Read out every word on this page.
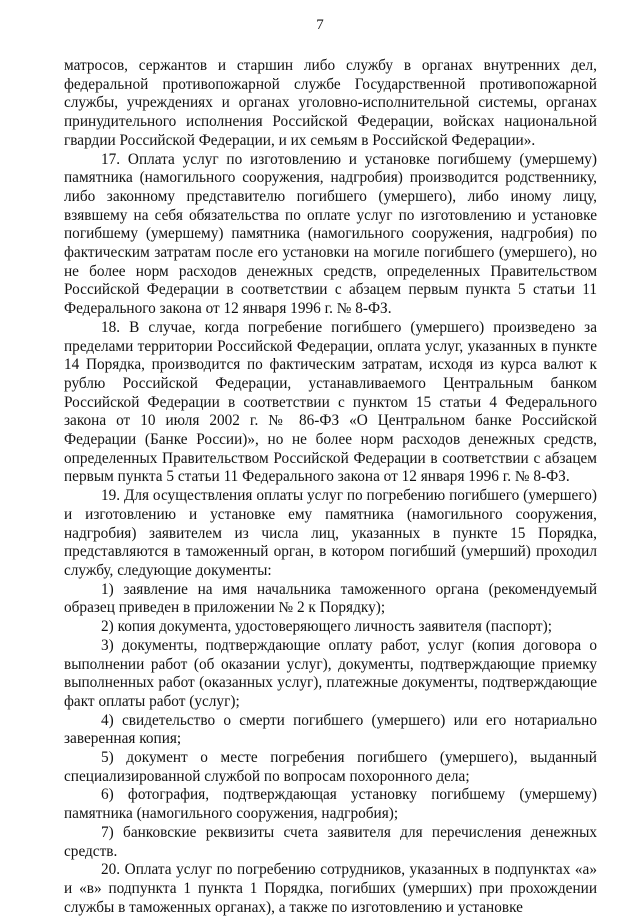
7

матросов, сержантов и старшин либо службу в органах внутренних дел, федеральной противопожарной службе Государственной противопожарной службы, учреждениях и органах уголовно-исполнительной системы, органах принудительного исполнения Российской Федерации, войсках национальной гвардии Российской Федерации, и их семьям в Российской Федерации».

17. Оплата услуг по изготовлению и установке погибшему (умершему) памятника (намогильного сооружения, надгробия) производится родственнику, либо законному представителю погибшего (умершего), либо иному лицу, взявшему на себя обязательства по оплате услуг по изготовлению и установке погибшему (умершему) памятника (намогильного сооружения, надгробия) по фактическим затратам после его установки на могиле погибшего (умершего), но не более норм расходов денежных средств, определенных Правительством Российской Федерации в соответствии с абзацем первым пункта 5 статьи 11 Федерального закона от 12 января 1996 г. № 8-ФЗ.

18. В случае, когда погребение погибшего (умершего) произведено за пределами территории Российской Федерации, оплата услуг, указанных в пункте 14 Порядка, производится по фактическим затратам, исходя из курса валют к рублю Российской Федерации, устанавливаемого Центральным банком Российской Федерации в соответствии с пунктом 15 статьи 4 Федерального закона от 10 июля 2002 г. № 86-ФЗ «О Центральном банке Российской Федерации (Банке России)», но не более норм расходов денежных средств, определенных Правительством Российской Федерации в соответствии с абзацем первым пункта 5 статьи 11 Федерального закона от 12 января 1996 г. № 8-ФЗ.

19. Для осуществления оплаты услуг по погребению погибшего (умершего) и изготовлению и установке ему памятника (намогильного сооружения, надгробия) заявителем из числа лиц, указанных в пункте 15 Порядка, представляются в таможенный орган, в котором погибший (умерший) проходил службу, следующие документы:

1) заявление на имя начальника таможенного органа (рекомендуемый образец приведен в приложении № 2 к Порядку);

2) копия документа, удостоверяющего личность заявителя (паспорт);

3) документы, подтверждающие оплату работ, услуг (копия договора о выполнении работ (об оказании услуг), документы, подтверждающие приемку выполненных работ (оказанных услуг), платежные документы, подтверждающие факт оплаты работ (услуг);

4) свидетельство о смерти погибшего (умершего) или его нотариально заверенная копия;

5) документ о месте погребения погибшего (умершего), выданный специализированной службой по вопросам похоронного дела;

6) фотография, подтверждающая установку погибшему (умершему) памятника (намогильного сооружения, надгробия);

7) банковские реквизиты счета заявителя для перечисления денежных средств.

20. Оплата услуг по погребению сотрудников, указанных в подпунктах «а» и «в» подпункта 1 пункта 1 Порядка, погибших (умерших) при прохождении службы в таможенных органах), а также по изготовлению и установке
